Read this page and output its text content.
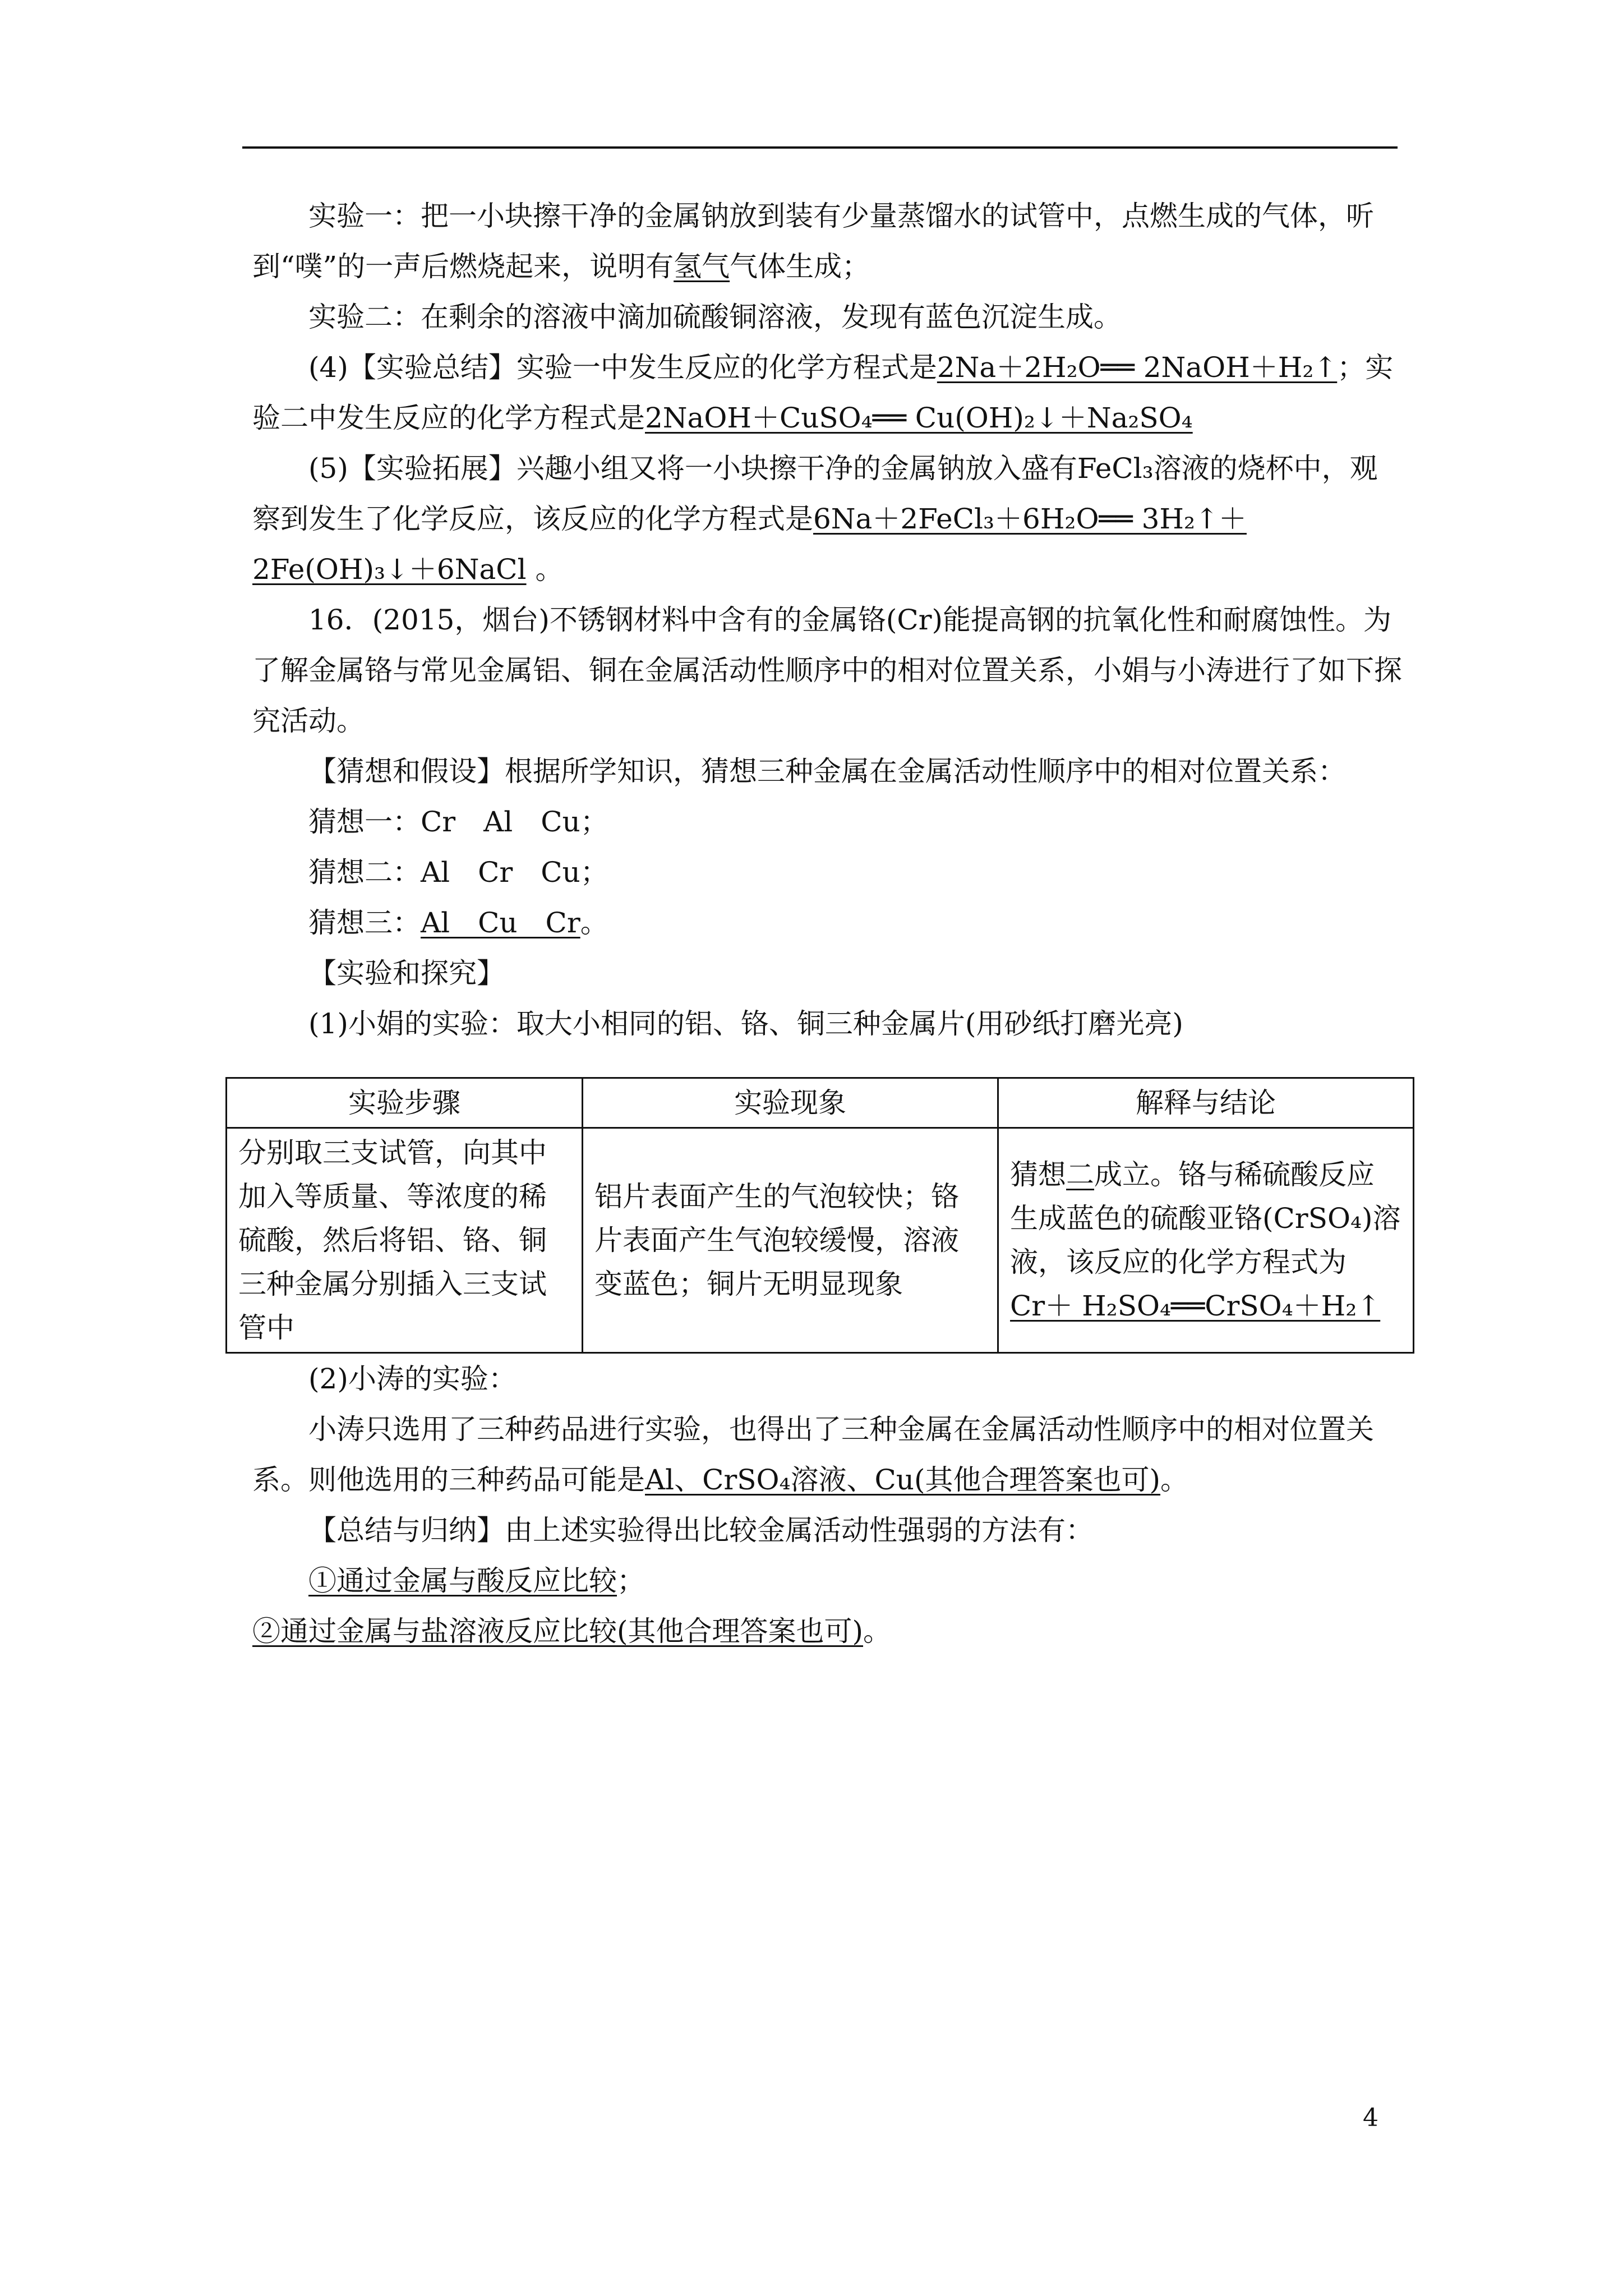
实验一：把一小块擦干净的金属钠放到装有少量蒸馏水的试管中，点燃生成的气体，听到“噗”的一声后燃烧起来，说明有氢气气体生成；

实验二：在剩余的溶液中滴加硫酸铜溶液，发现有蓝色沉淀生成。

(4)【实验总结】实验一中发生反应的化学方程式是2Na＋2H₂O══ 2NaOH＋H₂↑；实验二中发生反应的化学方程式是2NaOH＋CuSO₄══ Cu(OH)₂↓＋Na₂SO₄

(5)【实验拓展】兴趣小组又将一小块擦干净的金属钠放入盛有FeCl₃溶液的烧杯中，观察到发生了化学反应，该反应的化学方程式是6Na＋2FeCl₃＋6H₂O══ 3H₂↑＋2Fe(OH)₃↓＋6NaCl 。

16．(2015，烟台)不锈钢材料中含有的金属铬(Cr)能提高钢的抗氧化性和耐腐蚀性。为了解金属铬与常见金属铝、铜在金属活动性顺序中的相对位置关系，小娟与小涛进行了如下探究活动。

【猜想和假设】根据所学知识，猜想三种金属在金属活动性顺序中的相对位置关系：

猜想一：Cr　Al　Cu；

猜想二：Al　Cr　Cu；

猜想三：Al　Cu　Cr。

【实验和探究】

(1)小娟的实验：取大小相同的铝、铬、铜三种金属片(用砂纸打磨光亮)

实验步骤	实验现象	解释与结论
分别取三支试管，向其中加入等质量、等浓度的稀硫酸，然后将铝、铬、铜三种金属分别插入三支试管中	铝片表面产生的气泡较快；铬片表面产生气泡较缓慢，溶液变蓝色；铜片无明显现象	猜想二成立。铬与稀硫酸反应生成蓝色的硫酸亚铬(CrSO₄)溶液，该反应的化学方程式为
Cr＋ H₂SO₄══CrSO₄＋H₂↑

(2)小涛的实验：

小涛只选用了三种药品进行实验，也得出了三种金属在金属活动性顺序中的相对位置关系。则他选用的三种药品可能是Al、CrSO₄溶液、Cu(其他合理答案也可)。

【总结与归纳】由上述实验得出比较金属活动性强弱的方法有：

①通过金属与酸反应比较；

②通过金属与盐溶液反应比较(其他合理答案也可)。

4
